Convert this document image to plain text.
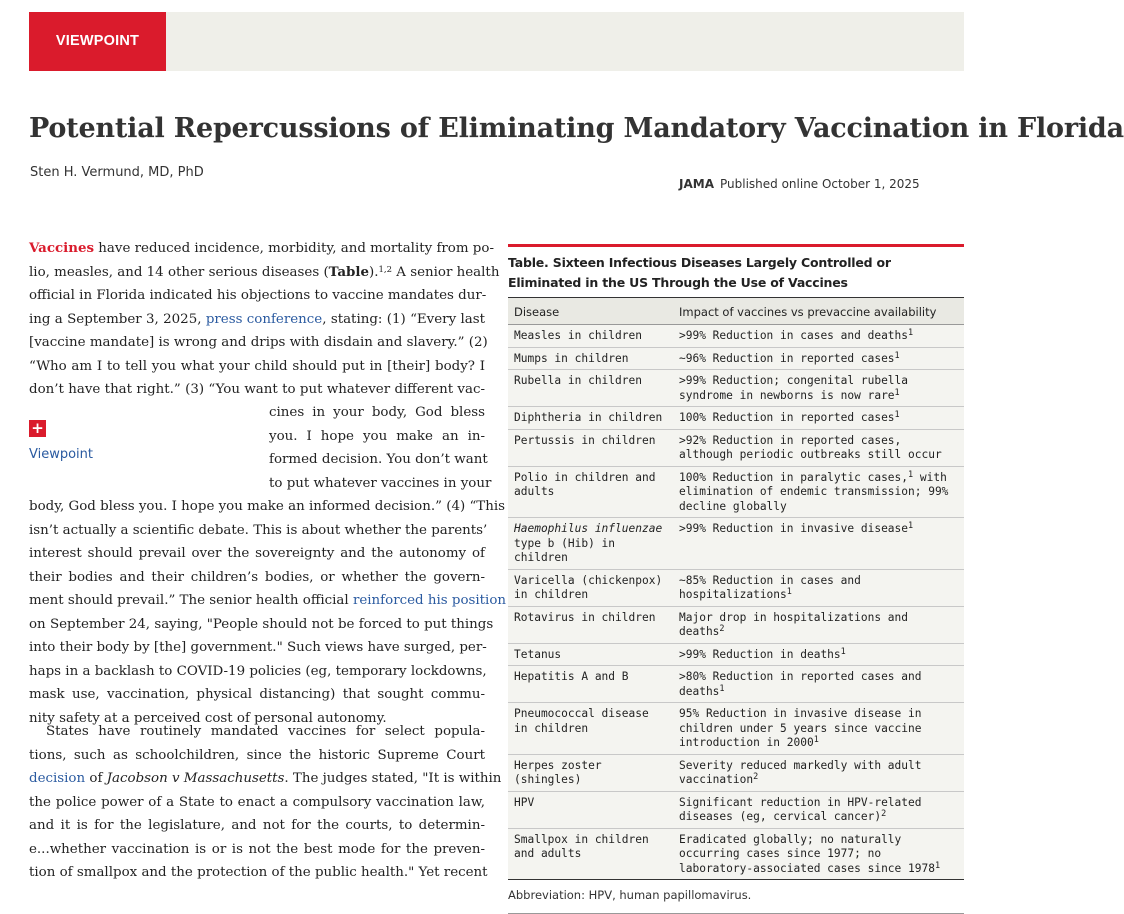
VIEWPOINT
Potential Repercussions of Eliminating Mandatory Vaccination in Florida
Sten H. Vermund, MD, PhD
JAMA Published online October 1, 2025
Vaccines have reduced incidence, morbidity, and mortality from po-
lio, measles, and 14 other serious diseases (Table).$^{1,2}$ A senior health
official in Florida indicated his objections to vaccine mandates dur-
ing a September 3, 2025, press conference, stating: (1) “Every last
[vaccine mandate] is wrong and drips with disdain and slavery.” (2)
“Who am I to tell you what your child should put in [their] body? I
don’t have that right.” (3) “You want to put whatever different vac-
cines in your body, God bless
you. I hope you make an in-
formed decision. You don’t want
to put whatever vaccines in your
body, God bless you. I hope you make an informed decision.” (4) “This
isn’t actually a scientific debate. This is about whether the parents’
interest should prevail over the sovereignty and the autonomy of
their bodies and their children’s bodies, or whether the govern-
ment should prevail.” The senior health official reinforced his position
on September 24, saying, "People should not be forced to put things
into their body by [the] government." Such views have surged, per-
haps in a backlash to COVID-19 policies (eg, temporary lockdowns,
mask use, vaccination, physical distancing) that sought commu-
nity safety at a perceived cost of personal autonomy.
States have routinely mandated vaccines for select popula-
tions, such as schoolchildren, since the historic Supreme Court
decision of Jacobson v Massachusetts. The judges stated, "It is within
the police power of a State to enact a compulsory vaccination law,
and it is for the legislature, and not for the courts, to determin-
e...whether vaccination is or is not the best mode for the preven-
tion of smallpox and the protection of the public health." Yet recent
+
Viewpoint
Table. Sixteen Infectious Diseases Largely Controlled or Eliminated in the US Through the Use of Vaccines
Disease	Impact of vaccines vs prevaccine availability
Measles in children	>99% Reduction in cases and deaths$^1$
Mumps in children	~96% Reduction in reported cases$^1$
Rubella in children	>99% Reduction; congenital rubella syndrome in newborns is now rare$^1$
Diphtheria in children	100% Reduction in reported cases$^1$
Pertussis in children	>92% Reduction in reported cases, although periodic outbreaks still occur
Polio in children and adults	100% Reduction in paralytic cases,$^1$ with elimination of endemic transmission; 99% decline globally
Haemophilus influenzae type b (Hib) in children	>99% Reduction in invasive disease$^1$
Varicella (chickenpox) in children	~85% Reduction in cases and hospitalizations$^1$
Rotavirus in children	Major drop in hospitalizations and deaths$^2$
Tetanus	>99% Reduction in deaths$^1$
Hepatitis A and B	>80% Reduction in reported cases and deaths$^1$
Pneumococcal disease in children	95% Reduction in invasive disease in children under 5 years since vaccine introduction in 2000$^1$
Herpes zoster (shingles)	Severity reduced markedly with adult vaccination$^2$
HPV	Significant reduction in HPV-related diseases (eg, cervical cancer)$^2$
Smallpox in children and adults	Eradicated globally; no naturally occurring cases since 1977; no laboratory-associated cases since 1978$^1$
Abbreviation: HPV, human papillomavirus.
